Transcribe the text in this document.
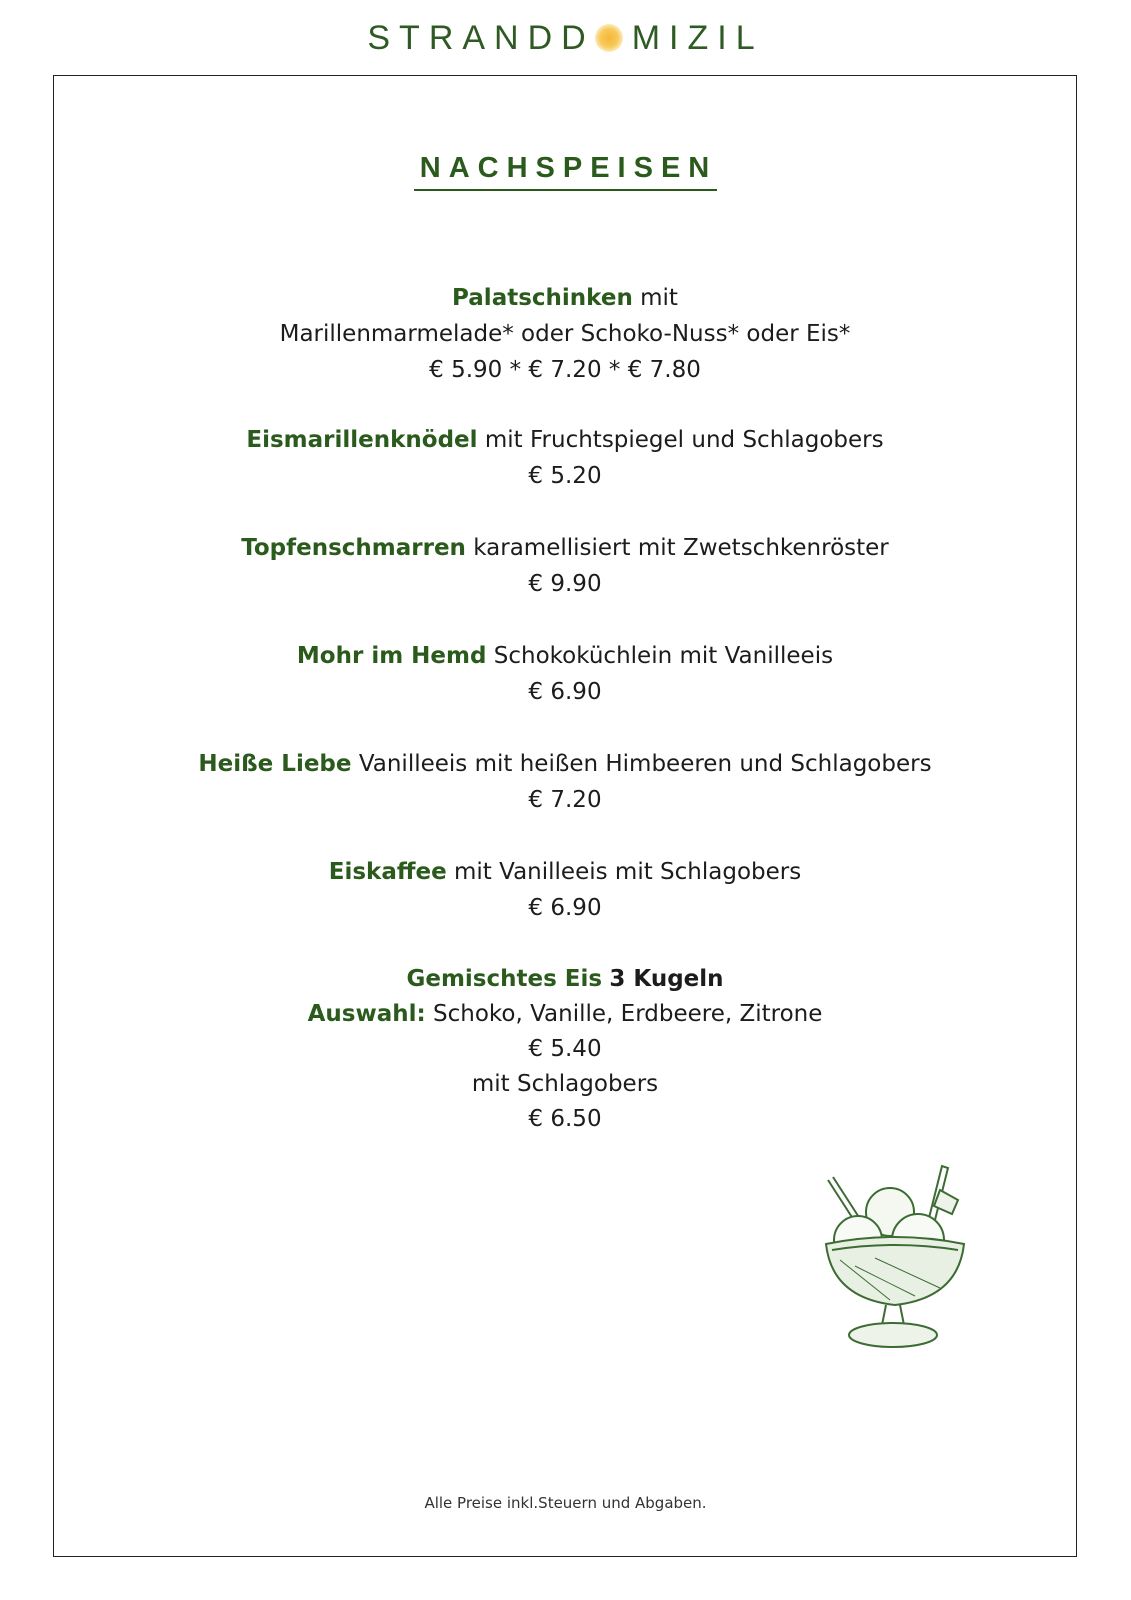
STRANDD MIZIL
NACHSPEISEN
Palatschinken mit
Marillenmarmelade* oder Schoko-Nuss* oder Eis*
€ 5.90 * € 7.20 * € 7.80
Eismarillenknödel mit Fruchtspiegel und Schlagobers
€ 5.20
Topfenschmarren karamellisiert mit Zwetschkenröster
€ 9.90
Mohr im Hemd Schokoküchlein mit Vanilleeis
€ 6.90
Heiße Liebe Vanilleeis mit heißen Himbeeren und Schlagobers
€ 7.20
Eiskaffee mit Vanilleeis mit Schlagobers
€ 6.90
Gemischtes Eis 3 Kugeln
Auswahl: Schoko, Vanille, Erdbeere, Zitrone
€ 5.40
mit Schlagobers
€ 6.50
Alle Preise inkl.Steuern und Abgaben.
